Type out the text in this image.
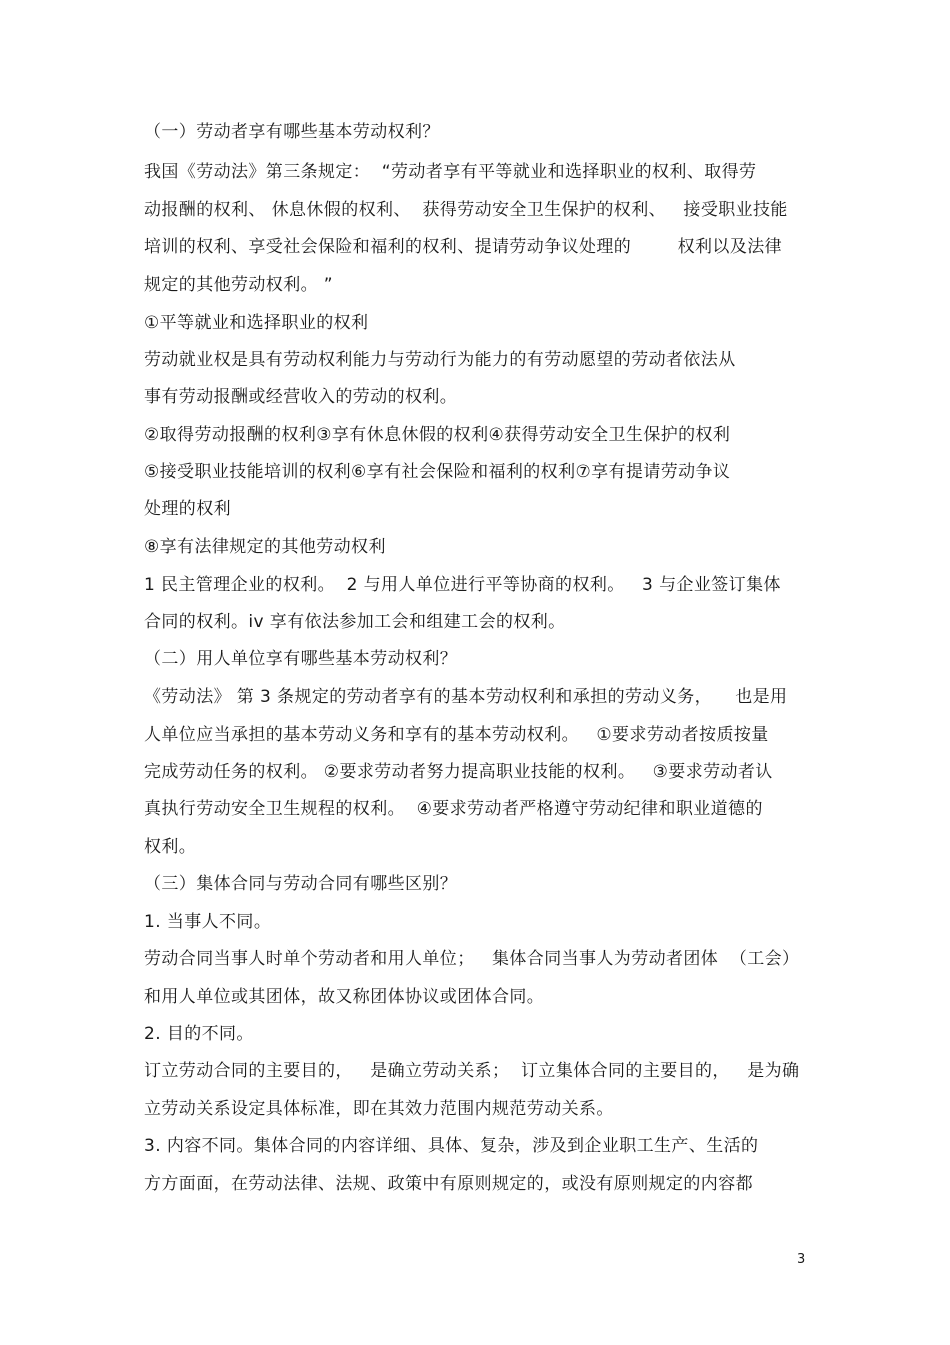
（一）劳动者享有哪些基本劳动权利？
我国《劳动法》第三条规定：  “劳动者享有平等就业和选择职业的权利、取得劳
动报酬的权利、 休息休假的权利、  获得劳动安全卫生保护的权利、   接受职业技能
培训的权利、享受社会保险和福利的权利、提请劳动争议处理的        权利以及法律
规定的其他劳动权利。 ”
①平等就业和选择职业的权利
劳动就业权是具有劳动权利能力与劳动行为能力的有劳动愿望的劳动者依法从
事有劳动报酬或经营收入的劳动的权利。
②取得劳动报酬的权利③享有休息休假的权利④获得劳动安全卫生保护的权利
⑤接受职业技能培训的权利⑥享有社会保险和福利的权利⑦享有提请劳动争议
处理的权利
⑧享有法律规定的其他劳动权利
1 民主管理企业的权利。  2 与用人单位进行平等协商的权利。   3 与企业签订集体
合同的权利。iv 享有依法参加工会和组建工会的权利。
（二）用人单位享有哪些基本劳动权利？
《劳动法》 第 3 条规定的劳动者享有的基本劳动权利和承担的劳动义务，    也是用
人单位应当承担的基本劳动义务和享有的基本劳动权利。   ①要求劳动者按质按量
完成劳动任务的权利。 ②要求劳动者努力提高职业技能的权利。   ③要求劳动者认
真执行劳动安全卫生规程的权利。  ④要求劳动者严格遵守劳动纪律和职业道德的
权利。
（三）集体合同与劳动合同有哪些区别？
1. 当事人不同。
劳动合同当事人时单个劳动者和用人单位；   集体合同当事人为劳动者团体  （工会）
和用人单位或其团体，故又称团体协议或团体合同。
2. 目的不同。
订立劳动合同的主要目的，   是确立劳动关系；  订立集体合同的主要目的，   是为确
立劳动关系设定具体标准，即在其效力范围内规范劳动关系。
3. 内容不同。集体合同的内容详细、具体、复杂，涉及到企业职工生产、生活的
方方面面，在劳动法律、法规、政策中有原则规定的，或没有原则规定的内容都
3
